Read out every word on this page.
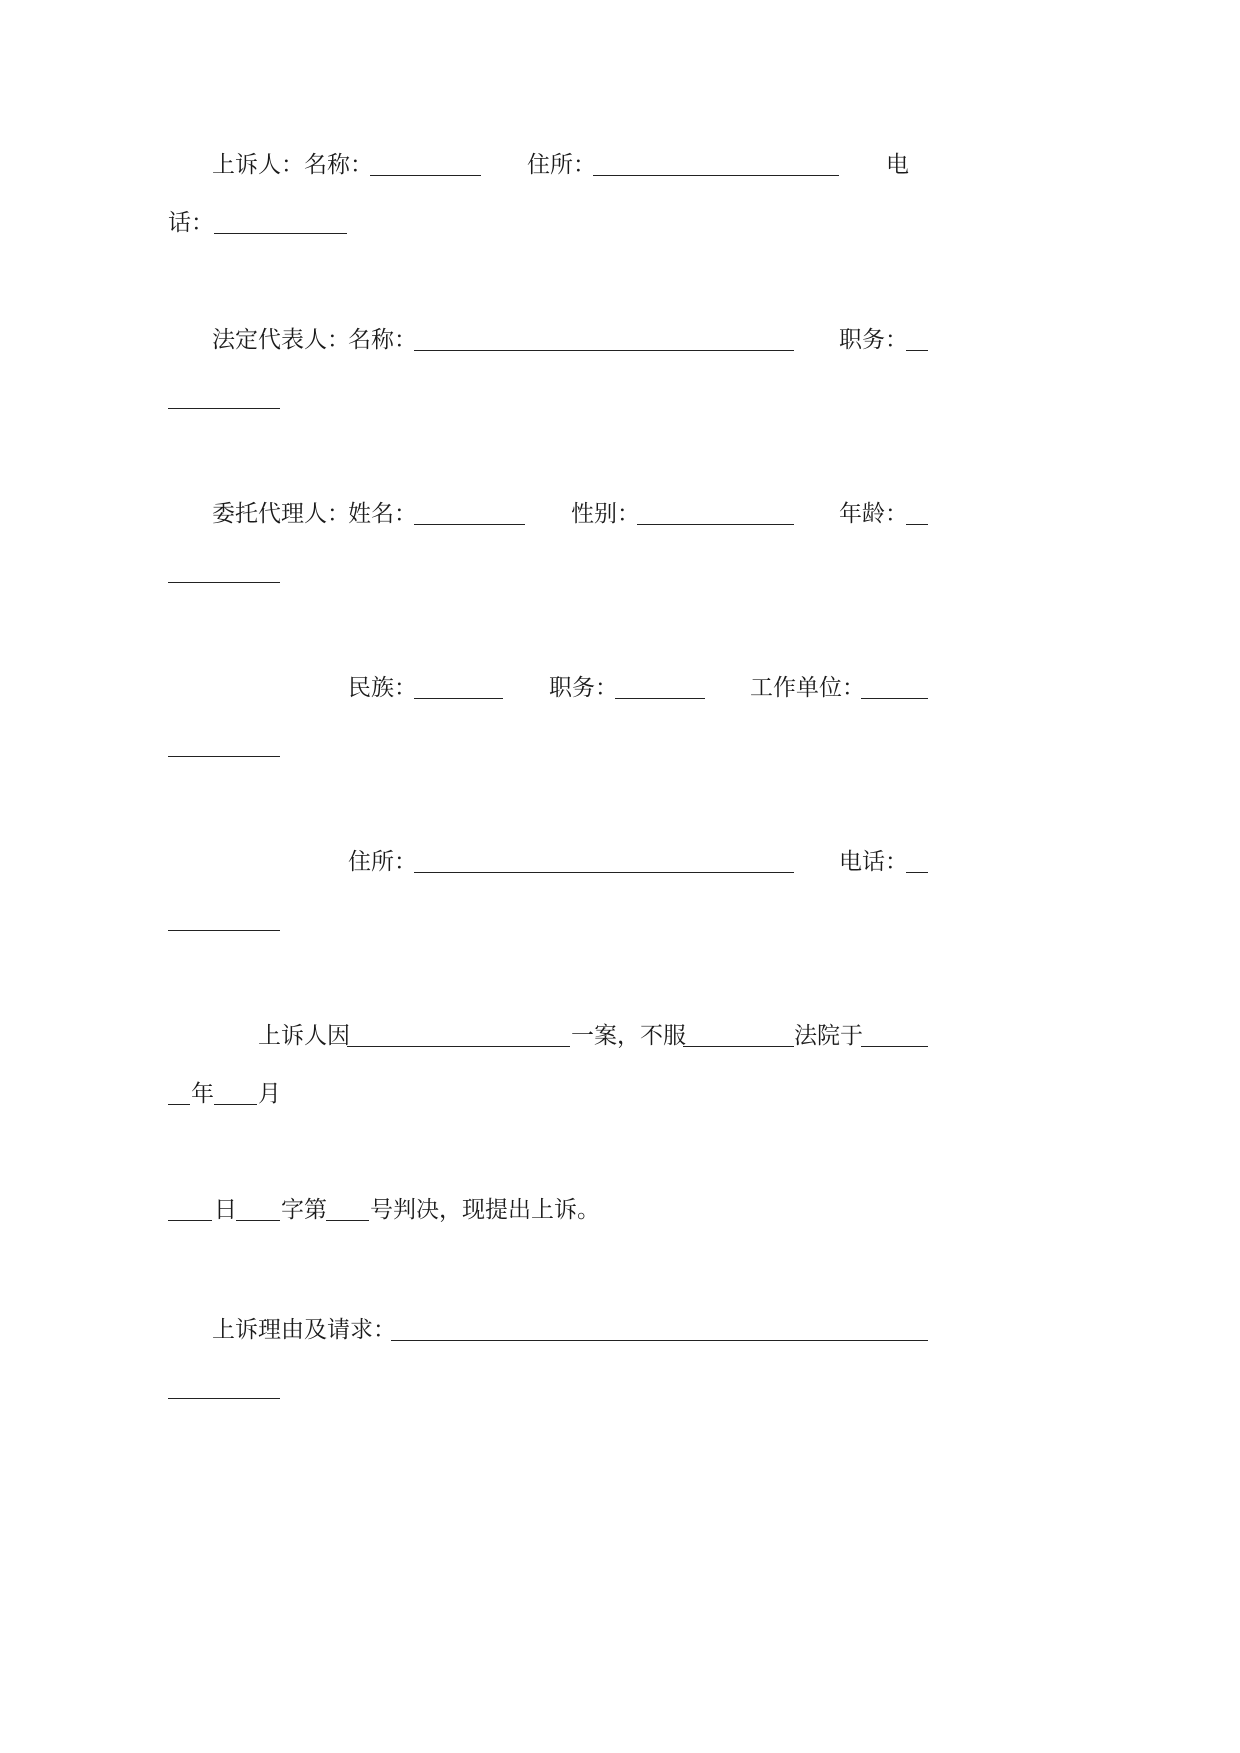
上诉人： 名称：	住所：	电
话：
法定代表人：
名称：	职务：
委托代理人：
姓名：	性别：	年龄：
民族：	职务：	工作单位：
住所：	电话：
上诉人因	一案，不服	法院于
年 月
日 字第 号判决，现提出上诉。
上诉理由及请求：
